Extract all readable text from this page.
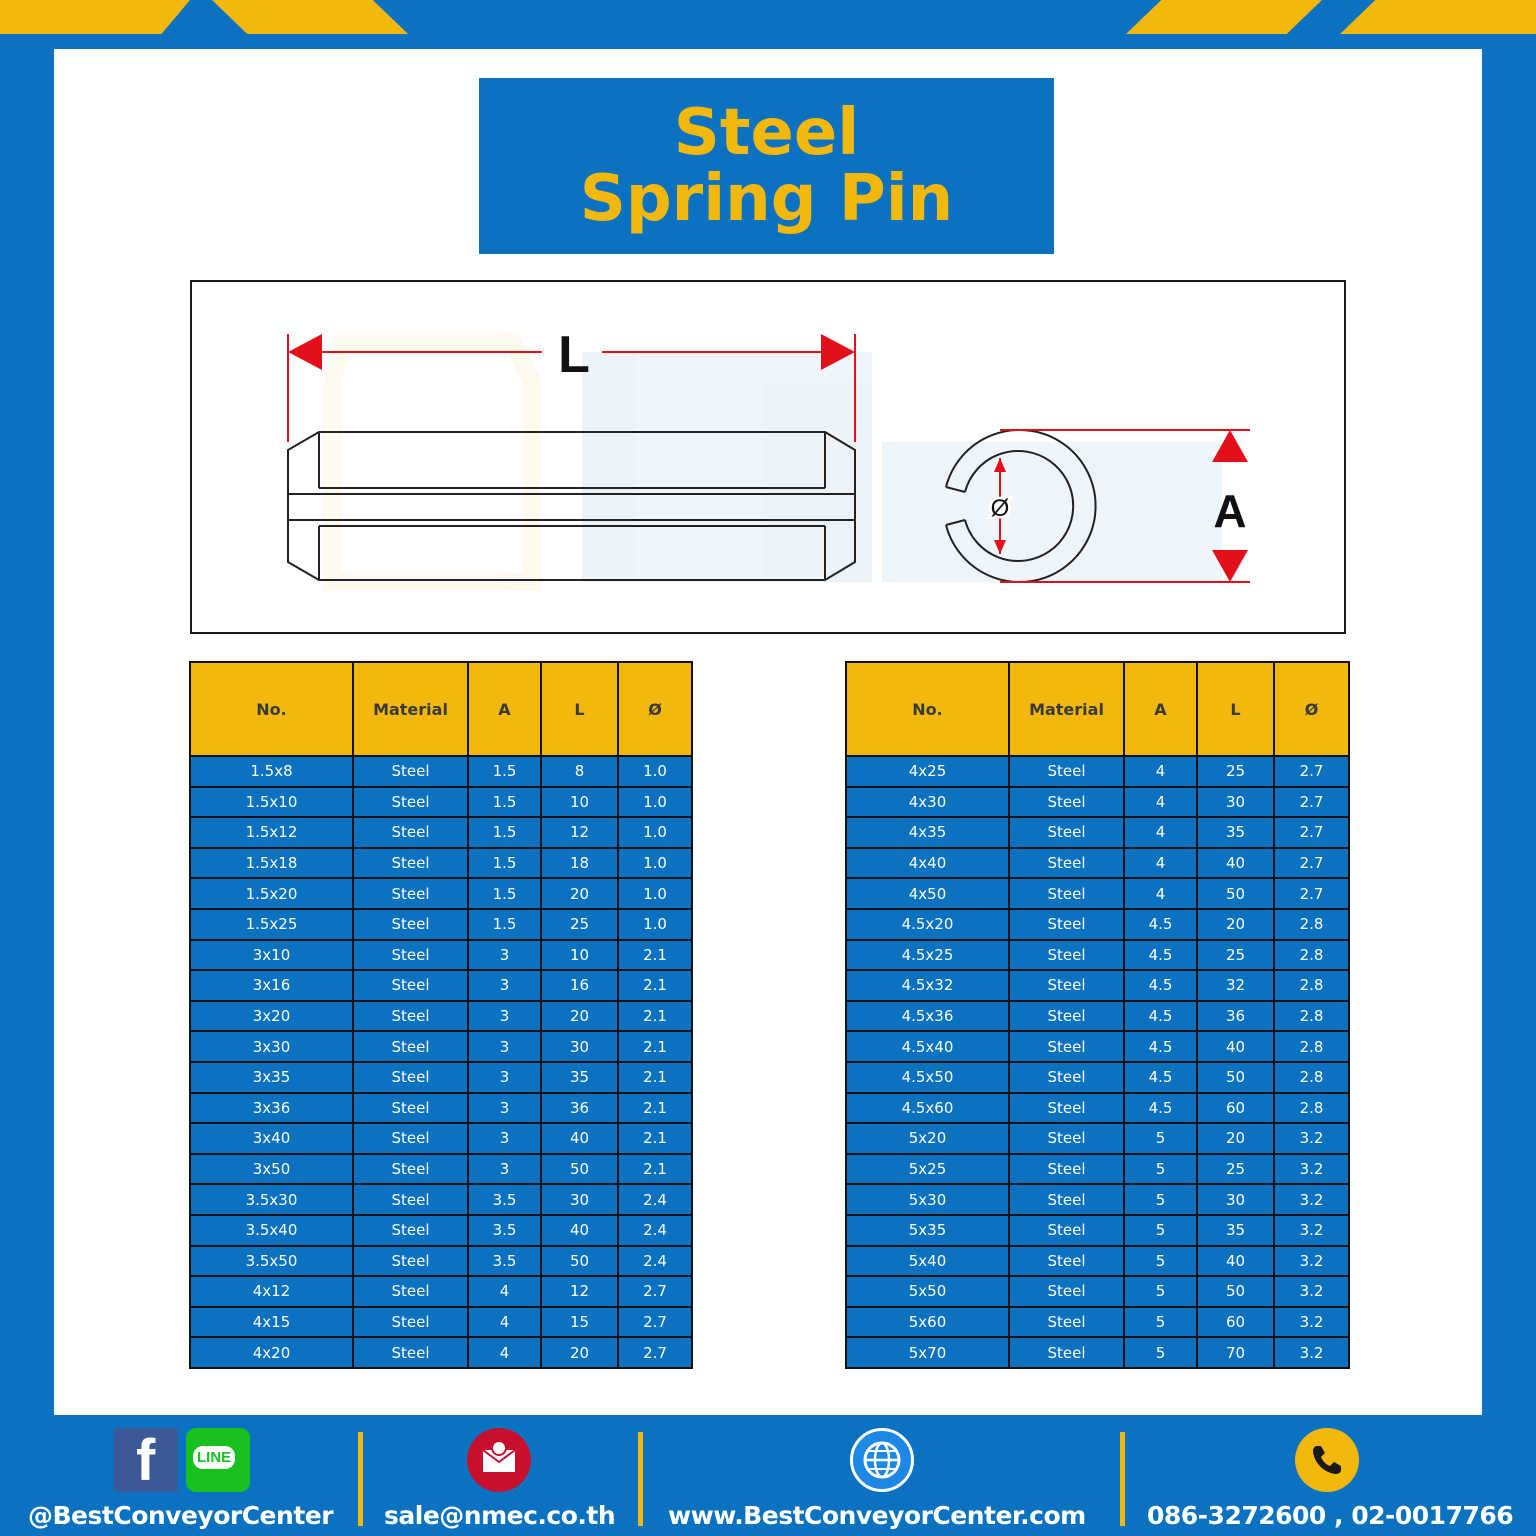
Steel
Spring Pin
L
Ø	A
No.	Material	A	L	Ø
1.5x8	Steel	1.5	8	1.0
1.5x10	Steel	1.5	10	1.0
1.5x12	Steel	1.5	12	1.0
1.5x18	Steel	1.5	18	1.0
1.5x20	Steel	1.5	20	1.0
1.5x25	Steel	1.5	25	1.0
3x10	Steel	3	10	2.1
3x16	Steel	3	16	2.1
3x20	Steel	3	20	2.1
3x30	Steel	3	30	2.1
3x35	Steel	3	35	2.1
3x36	Steel	3	36	2.1
3x40	Steel	3	40	2.1
3x50	Steel	3	50	2.1
3.5x30	Steel	3.5	30	2.4
3.5x40	Steel	3.5	40	2.4
3.5x50	Steel	3.5	50	2.4
4x12	Steel	4	12	2.7
4x15	Steel	4	15	2.7
4x20	Steel	4	20	2.7
No.	Material	A	L	Ø
4x25	Steel	4	25	2.7
4x30	Steel	4	30	2.7
4x35	Steel	4	35	2.7
4x40	Steel	4	40	2.7
4x50	Steel	4	50	2.7
4.5x20	Steel	4.5	20	2.8
4.5x25	Steel	4.5	25	2.8
4.5x32	Steel	4.5	32	2.8
4.5x36	Steel	4.5	36	2.8
4.5x40	Steel	4.5	40	2.8
4.5x50	Steel	4.5	50	2.8
4.5x60	Steel	4.5	60	2.8
5x20	Steel	5	20	3.2
5x25	Steel	5	25	3.2
5x30	Steel	5	30	3.2
5x35	Steel	5	35	3.2
5x40	Steel	5	40	3.2
5x50	Steel	5	50	3.2
5x60	Steel	5	60	3.2
5x70	Steel	5	70	3.2
f	LINE
@BestConveyorCenter sale@nmec.co.th www.BestConveyorCenter.com 086-3272600 , 02-0017766
